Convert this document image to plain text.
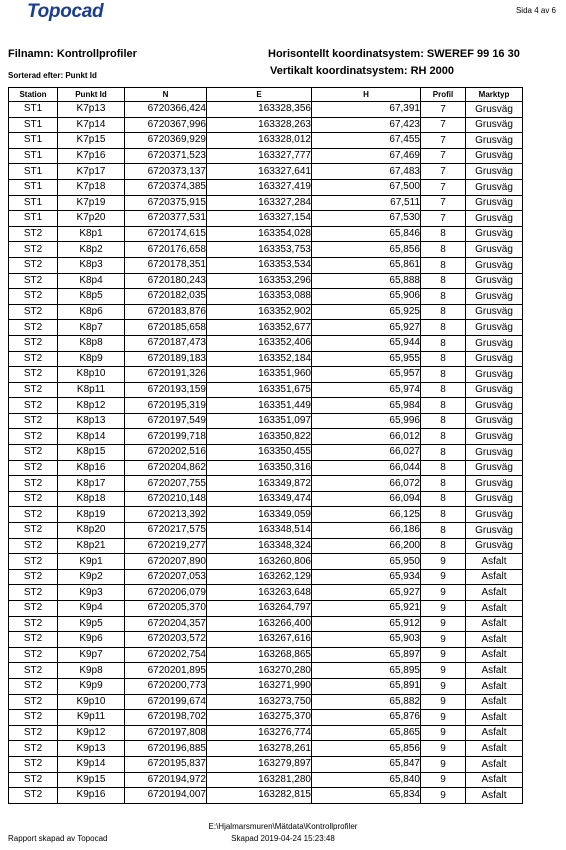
Topocad	Sida 4 av 6
Filnamn: Kontrollprofiler
Sorterad efter: Punkt Id
Horisontellt koordinatsystem: SWEREF 99 16 30
Vertikalt koordinatsystem: RH 2000
Station	Punkt Id	N	E	H	Profil	Marktyp
ST1	K7p13	6720366,424	163328,356	67,391	7	Grusväg
ST1	K7p14	6720367,996	163328,263	67,423	7	Grusväg
ST1	K7p15	6720369,929	163328,012	67,455	7	Grusväg
ST1	K7p16	6720371,523	163327,777	67,469	7	Grusväg
ST1	K7p17	6720373,137	163327,641	67,483	7	Grusväg
ST1	K7p18	6720374,385	163327,419	67,500	7	Grusväg
ST1	K7p19	6720375,915	163327,284	67,511	7	Grusväg
ST1	K7p20	6720377,531	163327,154	67,530	7	Grusväg
ST2	K8p1	6720174,615	163354,028	65,846	8	Grusväg
ST2	K8p2	6720176,658	163353,753	65,856	8	Grusväg
ST2	K8p3	6720178,351	163353,534	65,861	8	Grusväg
ST2	K8p4	6720180,243	163353,296	65,888	8	Grusväg
ST2	K8p5	6720182,035	163353,088	65,906	8	Grusväg
ST2	K8p6	6720183,876	163352,902	65,925	8	Grusväg
ST2	K8p7	6720185,658	163352,677	65,927	8	Grusväg
ST2	K8p8	6720187,473	163352,406	65,944	8	Grusväg
ST2	K8p9	6720189,183	163352,184	65,955	8	Grusväg
ST2	K8p10	6720191,326	163351,960	65,957	8	Grusväg
ST2	K8p11	6720193,159	163351,675	65,974	8	Grusväg
ST2	K8p12	6720195,319	163351,449	65,984	8	Grusväg
ST2	K8p13	6720197,549	163351,097	65,996	8	Grusväg
ST2	K8p14	6720199,718	163350,822	66,012	8	Grusväg
ST2	K8p15	6720202,516	163350,455	66,027	8	Grusväg
ST2	K8p16	6720204,862	163350,316	66,044	8	Grusväg
ST2	K8p17	6720207,755	163349,872	66,072	8	Grusväg
ST2	K8p18	6720210,148	163349,474	66,094	8	Grusväg
ST2	K8p19	6720213,392	163349,059	66,125	8	Grusväg
ST2	K8p20	6720217,575	163348,514	66,186	8	Grusväg
ST2	K8p21	6720219,277	163348,324	66,200	8	Grusväg
ST2	K9p1	6720207,890	163260,806	65,950	9	Asfalt
ST2	K9p2	6720207,053	163262,129	65,934	9	Asfalt
ST2	K9p3	6720206,079	163263,648	65,927	9	Asfalt
ST2	K9p4	6720205,370	163264,797	65,921	9	Asfalt
ST2	K9p5	6720204,357	163266,400	65,912	9	Asfalt
ST2	K9p6	6720203,572	163267,616	65,903	9	Asfalt
ST2	K9p7	6720202,754	163268,865	65,897	9	Asfalt
ST2	K9p8	6720201,895	163270,280	65,895	9	Asfalt
ST2	K9p9	6720200,773	163271,990	65,891	9	Asfalt
ST2	K9p10	6720199,674	163273,750	65,882	9	Asfalt
ST2	K9p11	6720198,702	163275,370	65,876	9	Asfalt
ST2	K9p12	6720197,808	163276,774	65,865	9	Asfalt
ST2	K9p13	6720196,885	163278,261	65,856	9	Asfalt
ST2	K9p14	6720195,837	163279,897	65,847	9	Asfalt
ST2	K9p15	6720194,972	163281,280	65,840	9	Asfalt
ST2	K9p16	6720194,007	163282,815	65,834	9	Asfalt
E:\Hjalmarsmuren\Mätdata\Kontrollprofiler
Rapport skapad av Topocad	Skapad 2019-04-24 15:23:48
